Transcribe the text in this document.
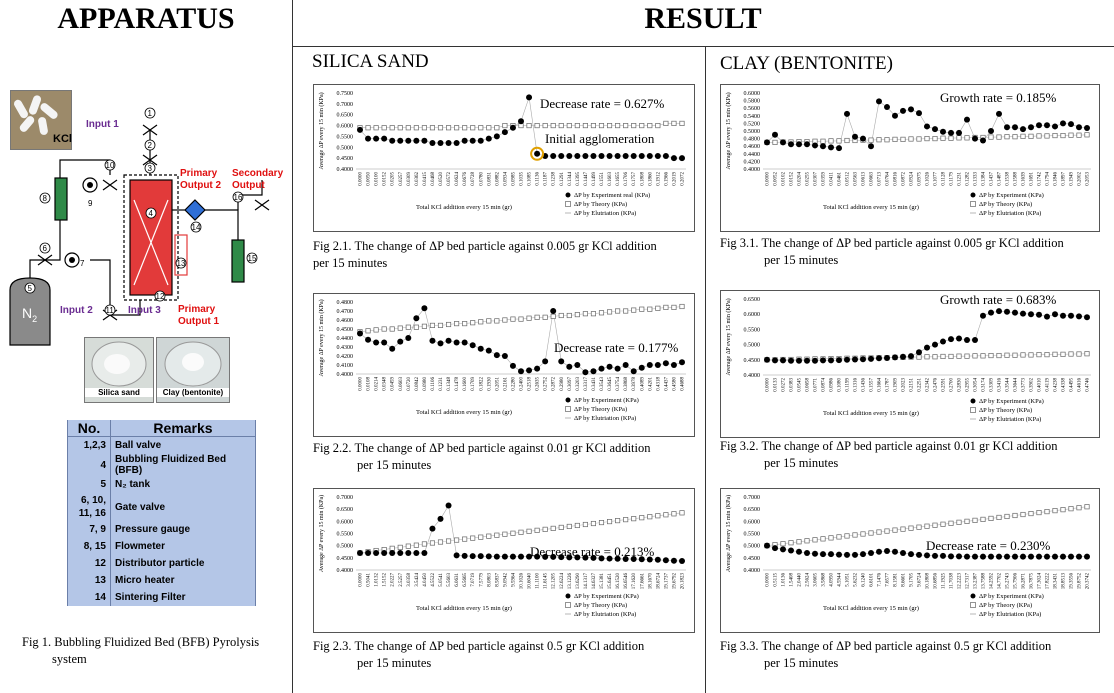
APPARATUS	RESULT
SILICA SAND	CLAY (BENTONITE)
KCl
1
2
3
4
5
6
7
8
9
10
11
12
13
14
15
16
$N_2$
Input 1
Input 2	Input 3
Primary Output 2
Secondary Output
Primary Output 1
Silica sand	Clay (bentonite)
No.	Remarks
1,2,3	Ball valve
4	Bubbling Fluidized Bed (BFB)
5	N₂ tank
6, 10, 11, 16	Gate valve
7, 9	Pressure gauge
8, 15	Flowmeter
12	Distributor particle
13	Micro heater
14	Sintering Filter
Fig 1. Bubbling Fluidized Bed (BFB) Pyrolysis
system
0.7500
0.7000
0.6500
0.6000
0.5500
0.5000
0.4500
0.4000
Average ΔP every 15 min (KPa)
0.0000 0.0050 0.0100 0.0152 0.0205 0.0257 0.0309 0.0362 0.0415 0.0468 0.0520 0.0572 0.0624 0.0676 0.0728 0.0780 0.0831 0.0882 0.0934 0.0985 0.1035 0.1085 0.1136 0.1187 0.1238 0.1291 0.1344 0.1395 0.1447 0.1499 0.1551 0.1603 0.1655 0.1706 0.1757 0.1808 0.1860 0.1912 0.1966 0.2019 0.2072
Total KCl addition every 15 min (gr)
ΔP by Experiment real (KPa)
ΔP by Theory (KPa)
ΔP by Elutriation (KPa)
0.4800
0.4700
0.4600
0.4500
0.4400
0.4300
0.4200
0.4100
0.4000
Average ΔP every 15 min (KPa)
0.0000 0.0108 0.0214 0.0348 0.0459 0.0603 0.0720 0.0842 0.0980 0.1106 0.1231 0.1348 0.1478 0.1600 0.1709 0.1822 0.1930 0.2051 0.2161 0.2280 0.2400 0.2518 0.2635 0.2752 0.2872 0.2980 0.3097 0.3203 0.3317 0.3431 0.3543 0.3645 0.3754 0.3868 0.3978 0.4089 0.4201 0.4318 0.4437 0.4580 0.4688
Total KCl addition every 15 min (gr)
ΔP by Experiment (KPa)
ΔP by Theory (KPa)
ΔP by Elutriation (KPa)
0.7000
0.6500
0.6000
0.5500
0.5000
0.4500
0.4000
Average ΔP every 15 min (KPa)
0.0000 0.5041 1.0132 1.5152 2.0227 2.5257 3.0358 3.5424 4.0450 4.5522 5.0541 5.5603 6.0631 6.5665 7.0719 7.5779 8.0803 8.5837 9.0942 9.5964 10.1026 10.6040 11.1100 11.6145 12.1205 12.6224 13.1226 13.6290 14.1317 14.6327 15.1381 15.6451 16.1520 16.6546 17.1620 17.6661 18.1670 18.6724 19.1737 19.6792 20.1823
Total KCl addition every 15 min (gr)
ΔP by Experiment (KPa)
ΔP by Theory (KPa)
ΔP by Elutriation (KPa)
0.6000
0.5800
0.5600
0.5400
0.5200
0.5000
0.4800
0.4600
0.4400
0.4200
0.4000
Average ΔP every 15 min (KPa)
0.0000 0.0052 0.0102 0.0152 0.0204 0.0255 0.0307 0.0359 0.0411 0.0461 0.0512 0.0563 0.0613 0.0663 0.0713 0.0764 0.0816 0.0872 0.0924 0.0975 0.1026 0.1077 0.1128 0.1179 0.1231 0.1282 0.1333 0.1384 0.1437 0.1487 0.1538 0.1588 0.1639 0.1691 0.1742 0.1794 0.1846 0.1897 0.1949 0.2002 0.2053
Total KCl addition every 15 min (gr)
ΔP by Experiment (KPa)
ΔP by Theory (KPa)
ΔP by Elutriation (KPa)
0.6500
0.6000
0.5500
0.5000
0.4500
0.4000
Average ΔP every 15 min (KPa)
0.0000 0.0133 0.0272 0.0383 0.0545 0.0658 0.0771 0.0874 0.0986 0.1080 0.1199 0.1316 0.1436 0.1557 0.1664 0.1787 0.1909 0.2023 0.2151 0.2251 0.2342 0.2476 0.2591 0.2700 0.2830 0.2955 0.3054 0.3174 0.3309 0.3416 0.3544 0.3644 0.3773 0.3902 0.4010 0.4119 0.4238 0.4338 0.4495 0.4616 0.4746
Total KCl addition every 15 min (gr)
ΔP by Experiment (KPa)
ΔP by Theory (KPa)
ΔP by Elutriation (KPa)
0.7000
0.6500
0.6000
0.5500
0.5000
0.4500
0.4000
Average ΔP every 15 min (KPa)
0.0000 0.5115 1.0136 1.5408 2.0440 2.5624 3.0605 3.5868 4.0950 4.5944 5.1051 5.6232 6.1240 6.6101 7.1476 7.6577 8.1581 8.6601 9.1705 9.6724 10.1808 10.6856 11.1925 11.7038 12.2223 12.7317 13.2387 13.7588 14.2592 14.7702 15.2743 15.7906 16.2871 16.7875 17.3024 17.8222 18.3431 18.8513 19.3556 19.8752 20.3742
Total KCl addition every 15 min (gr)
ΔP by Experiment (KPa)
ΔP by Theory (KPa)
ΔP by Elutriation (KPa)
Decrease rate = 0.627%
Initial agglomeration
Decrease rate = 0.177%
Decrease rate = 0.213%
Growth rate = 0.185%
Growth rate = 0.683%
Decrease rate = 0.230%
Fig 2.1. The change of ΔP bed particle against 0.005 gr KCl addition
per 15 minutes
Fig 2.2. The change of ΔP bed particle against 0.01 gr KCl addition
per 15 minutes
Fig 2.3. The change of ΔP bed particle against 0.5 gr KCl addition
per 15 minutes
Fig 3.1. The change of ΔP bed particle against 0.005 gr KCl addition
per 15 minutes
Fig 3.2. The change of ΔP bed particle against 0.01 gr KCl addition
per 15 minutes
Fig 3.3. The change of ΔP bed particle against 0.5 gr KCl addition
per 15 minutes
